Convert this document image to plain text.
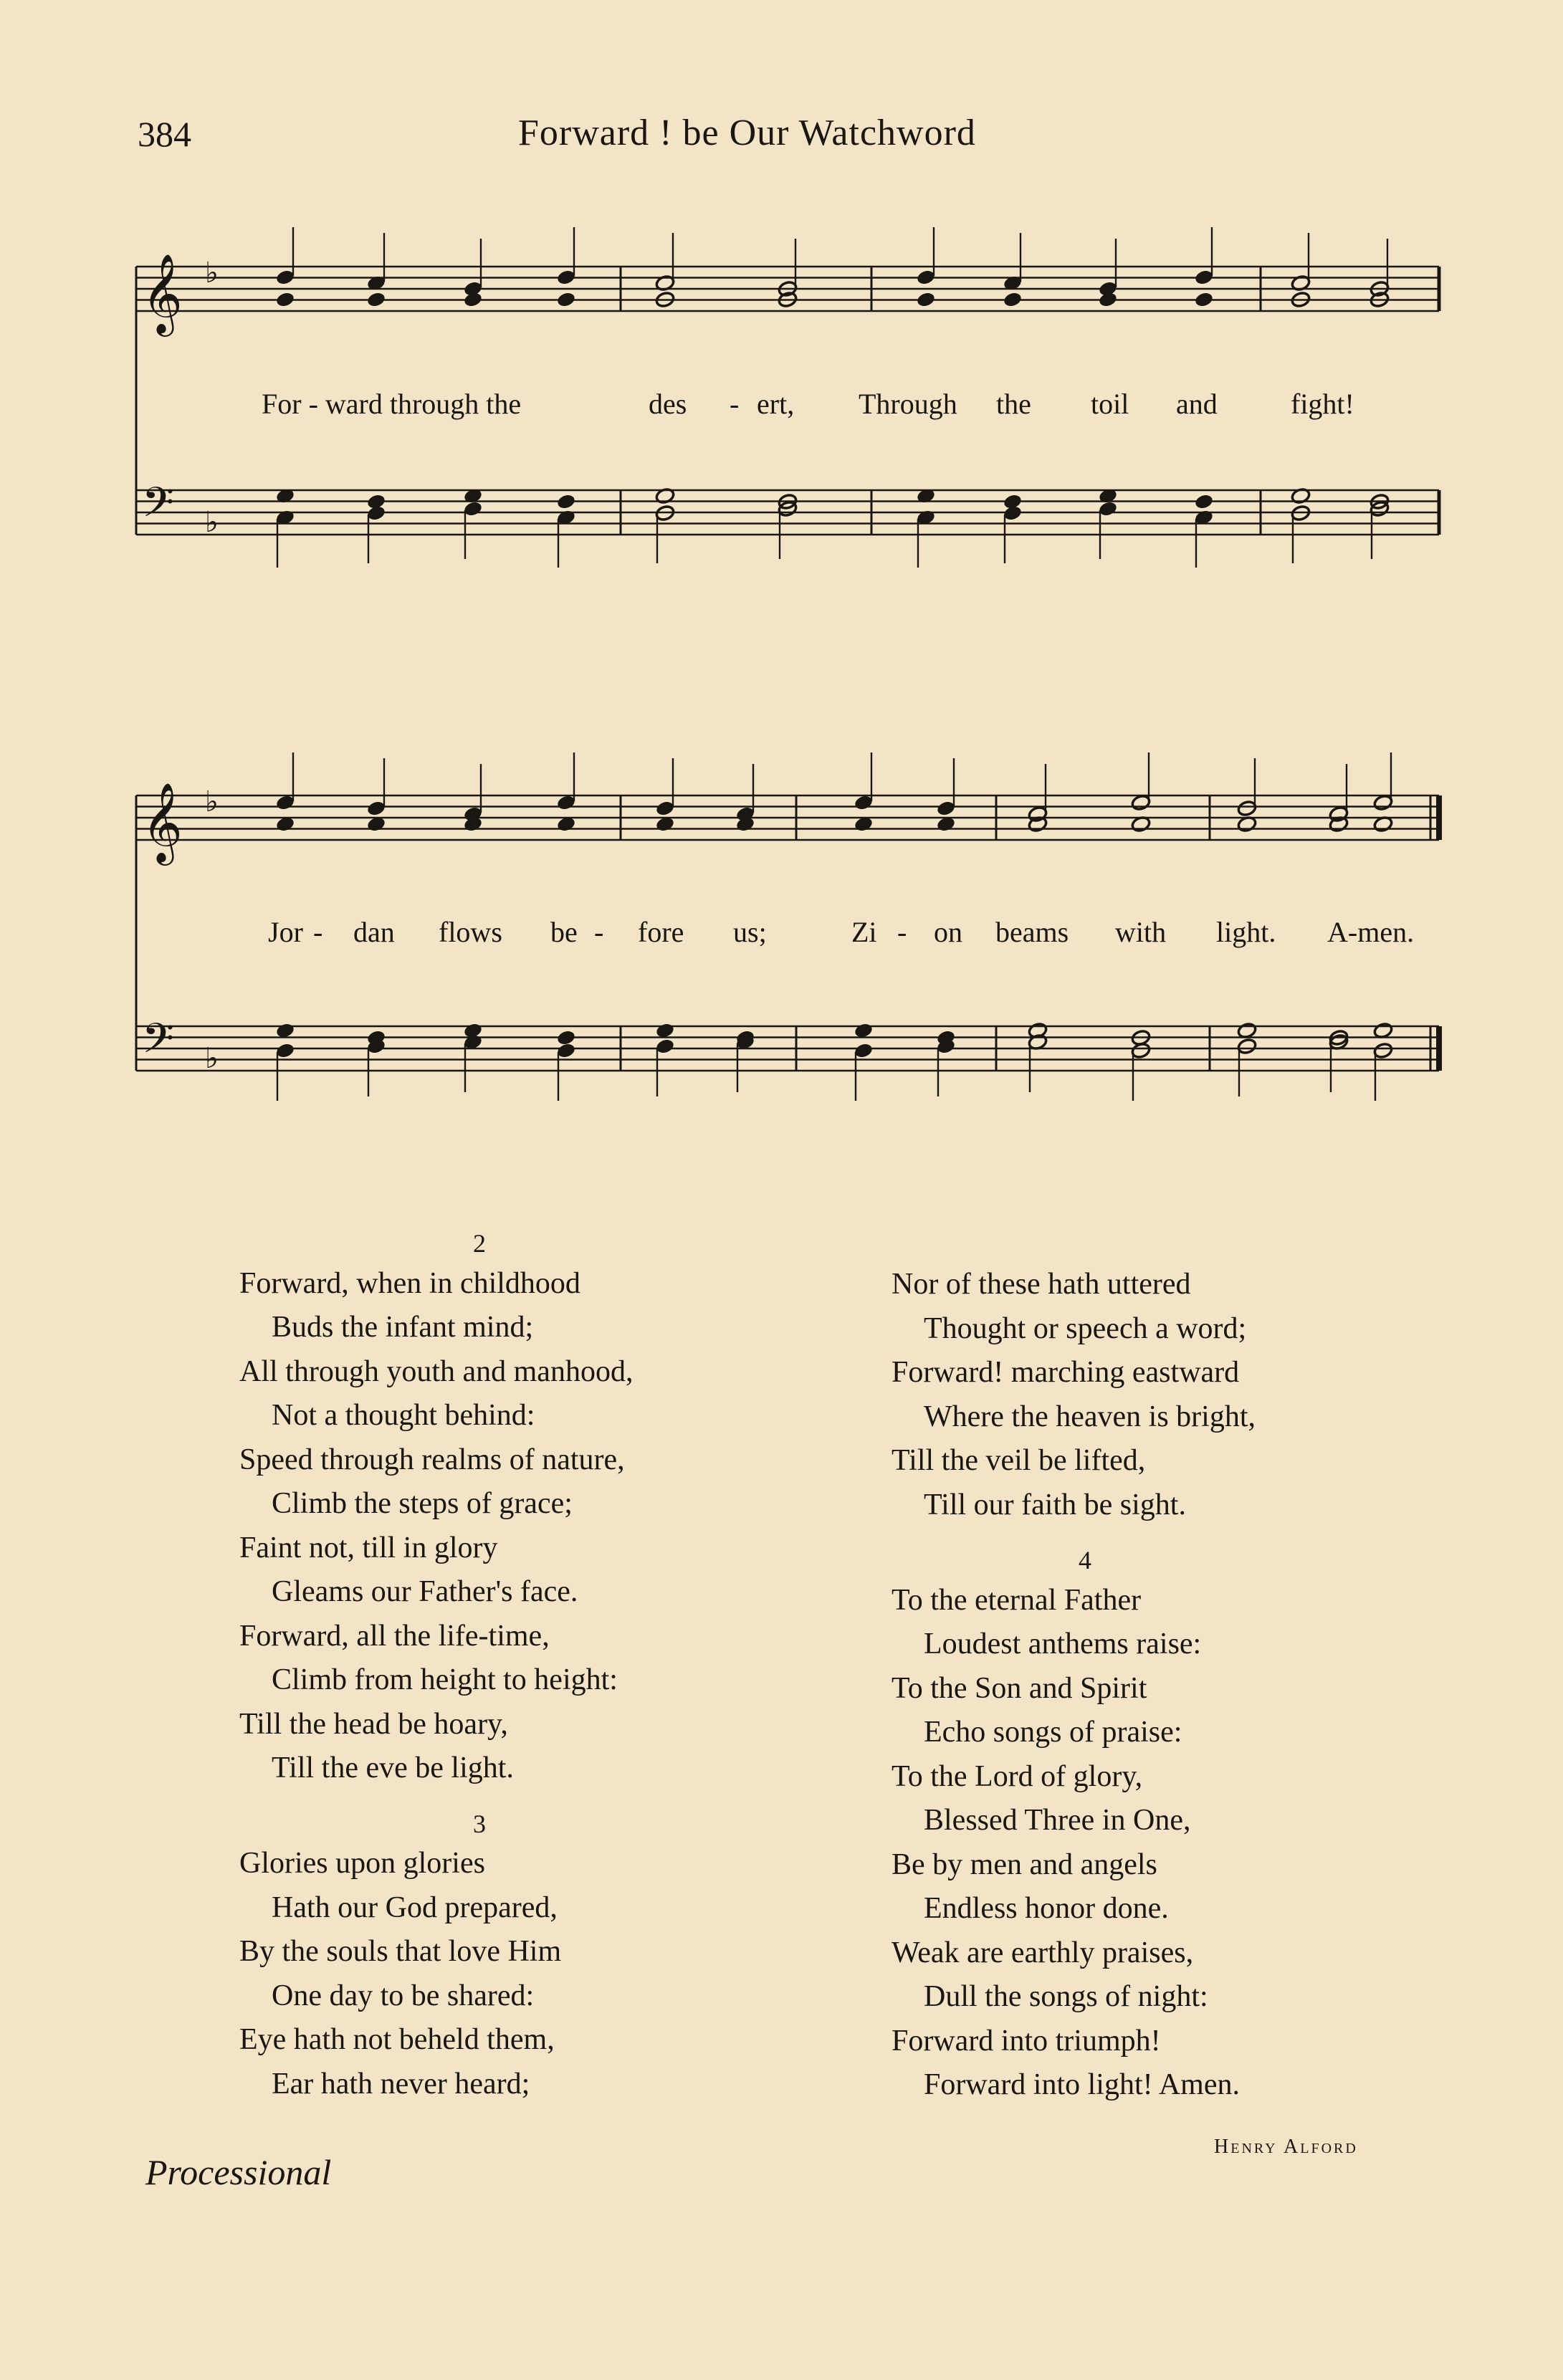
384	Forward ! be Our Watchword
𝄞
𝄢
♭
♭
𝄞
𝄢
♭
♭
For - ward through the	des - ert, Through the toil and	fight!
Jor - dan flows be - fore us;	Zi - on beams with light. A-men.
2
Forward, when in childhood
Buds the infant mind;
All through youth and manhood,
Not a thought behind:
Speed through realms of nature,
Climb the steps of grace;
Faint not, till in glory
Gleams our Father's face.
Forward, all the life-time,
Climb from height to height:
Till the head be hoary,
Till the eve be light.
3
Glories upon glories
Hath our God prepared,
By the souls that love Him
One day to be shared:
Eye hath not beheld them,
Ear hath never heard;
Nor of these hath uttered
Thought or speech a word;
Forward! marching eastward
Where the heaven is bright,
Till the veil be lifted,
Till our faith be sight.
4
To the eternal Father
Loudest anthems raise:
To the Son and Spirit
Echo songs of praise:
To the Lord of glory,
Blessed Three in One,
Be by men and angels
Endless honor done.
Weak are earthly praises,
Dull the songs of night:
Forward into triumph!
Forward into light! Amen.
Henry Alford
Processional
